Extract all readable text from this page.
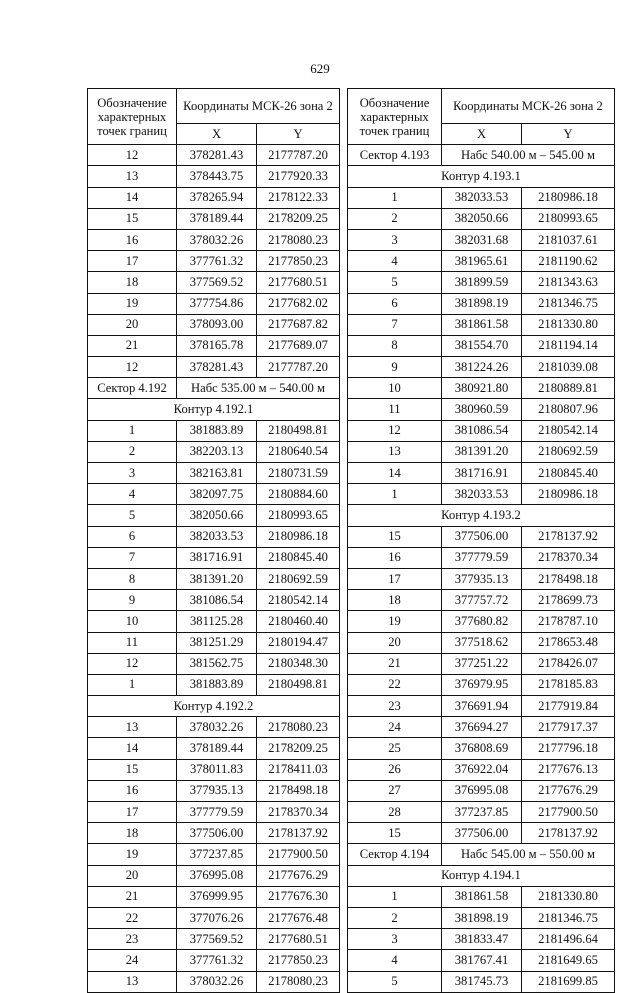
629
Обозначение характерных точек границ	Координаты МСК-26 зона 2	
	X	Y
12	378281.43	2177787.20
13	378443.75	2177920.33
14	378265.94	2178122.33
15	378189.44	2178209.25
16	378032.26	2178080.23
17	377761.32	2177850.23
18	377569.52	2177680.51
19	377754.86	2177682.02
20	378093.00	2177687.82
21	378165.78	2177689.07
12	378281.43	2177787.20
Сектор 4.192	Набс 535.00 м – 540.00 м	
Контур 4.192.1		
1	381883.89	2180498.81
2	382203.13	2180640.54
3	382163.81	2180731.59
4	382097.75	2180884.60
5	382050.66	2180993.65
6	382033.53	2180986.18
7	381716.91	2180845.40
8	381391.20	2180692.59
9	381086.54	2180542.14
10	381125.28	2180460.40
11	381251.29	2180194.47
12	381562.75	2180348.30
1	381883.89	2180498.81
Контур 4.192.2		
13	378032.26	2178080.23
14	378189.44	2178209.25
15	378011.83	2178411.03
16	377935.13	2178498.18
17	377779.59	2178370.34
18	377506.00	2178137.92
19	377237.85	2177900.50
20	376995.08	2177676.29
21	376999.95	2177676.30
22	377076.26	2177676.48
23	377569.52	2177680.51
24	377761.32	2177850.23
13	378032.26	2178080.23
Обозначение характерных точек границ	Координаты МСК-26 зона 2	
	X	Y
Сектор 4.193	Набс 540.00 м – 545.00 м	
Контур 4.193.1		
1	382033.53	2180986.18
2	382050.66	2180993.65
3	382031.68	2181037.61
4	381965.61	2181190.62
5	381899.59	2181343.63
6	381898.19	2181346.75
7	381861.58	2181330.80
8	381554.70	2181194.14
9	381224.26	2181039.08
10	380921.80	2180889.81
11	380960.59	2180807.96
12	381086.54	2180542.14
13	381391.20	2180692.59
14	381716.91	2180845.40
1	382033.53	2180986.18
Контур 4.193.2		
15	377506.00	2178137.92
16	377779.59	2178370.34
17	377935.13	2178498.18
18	377757.72	2178699.73
19	377680.82	2178787.10
20	377518.62	2178653.48
21	377251.22	2178426.07
22	376979.95	2178185.83
23	376691.94	2177919.84
24	376694.27	2177917.37
25	376808.69	2177796.18
26	376922.04	2177676.13
27	376995.08	2177676.29
28	377237.85	2177900.50
15	377506.00	2178137.92
Сектор 4.194	Набс 545.00 м – 550.00 м	
Контур 4.194.1		
1	381861.58	2181330.80
2	381898.19	2181346.75
3	381833.47	2181496.64
4	381767.41	2181649.65
5	381745.73	2181699.85
